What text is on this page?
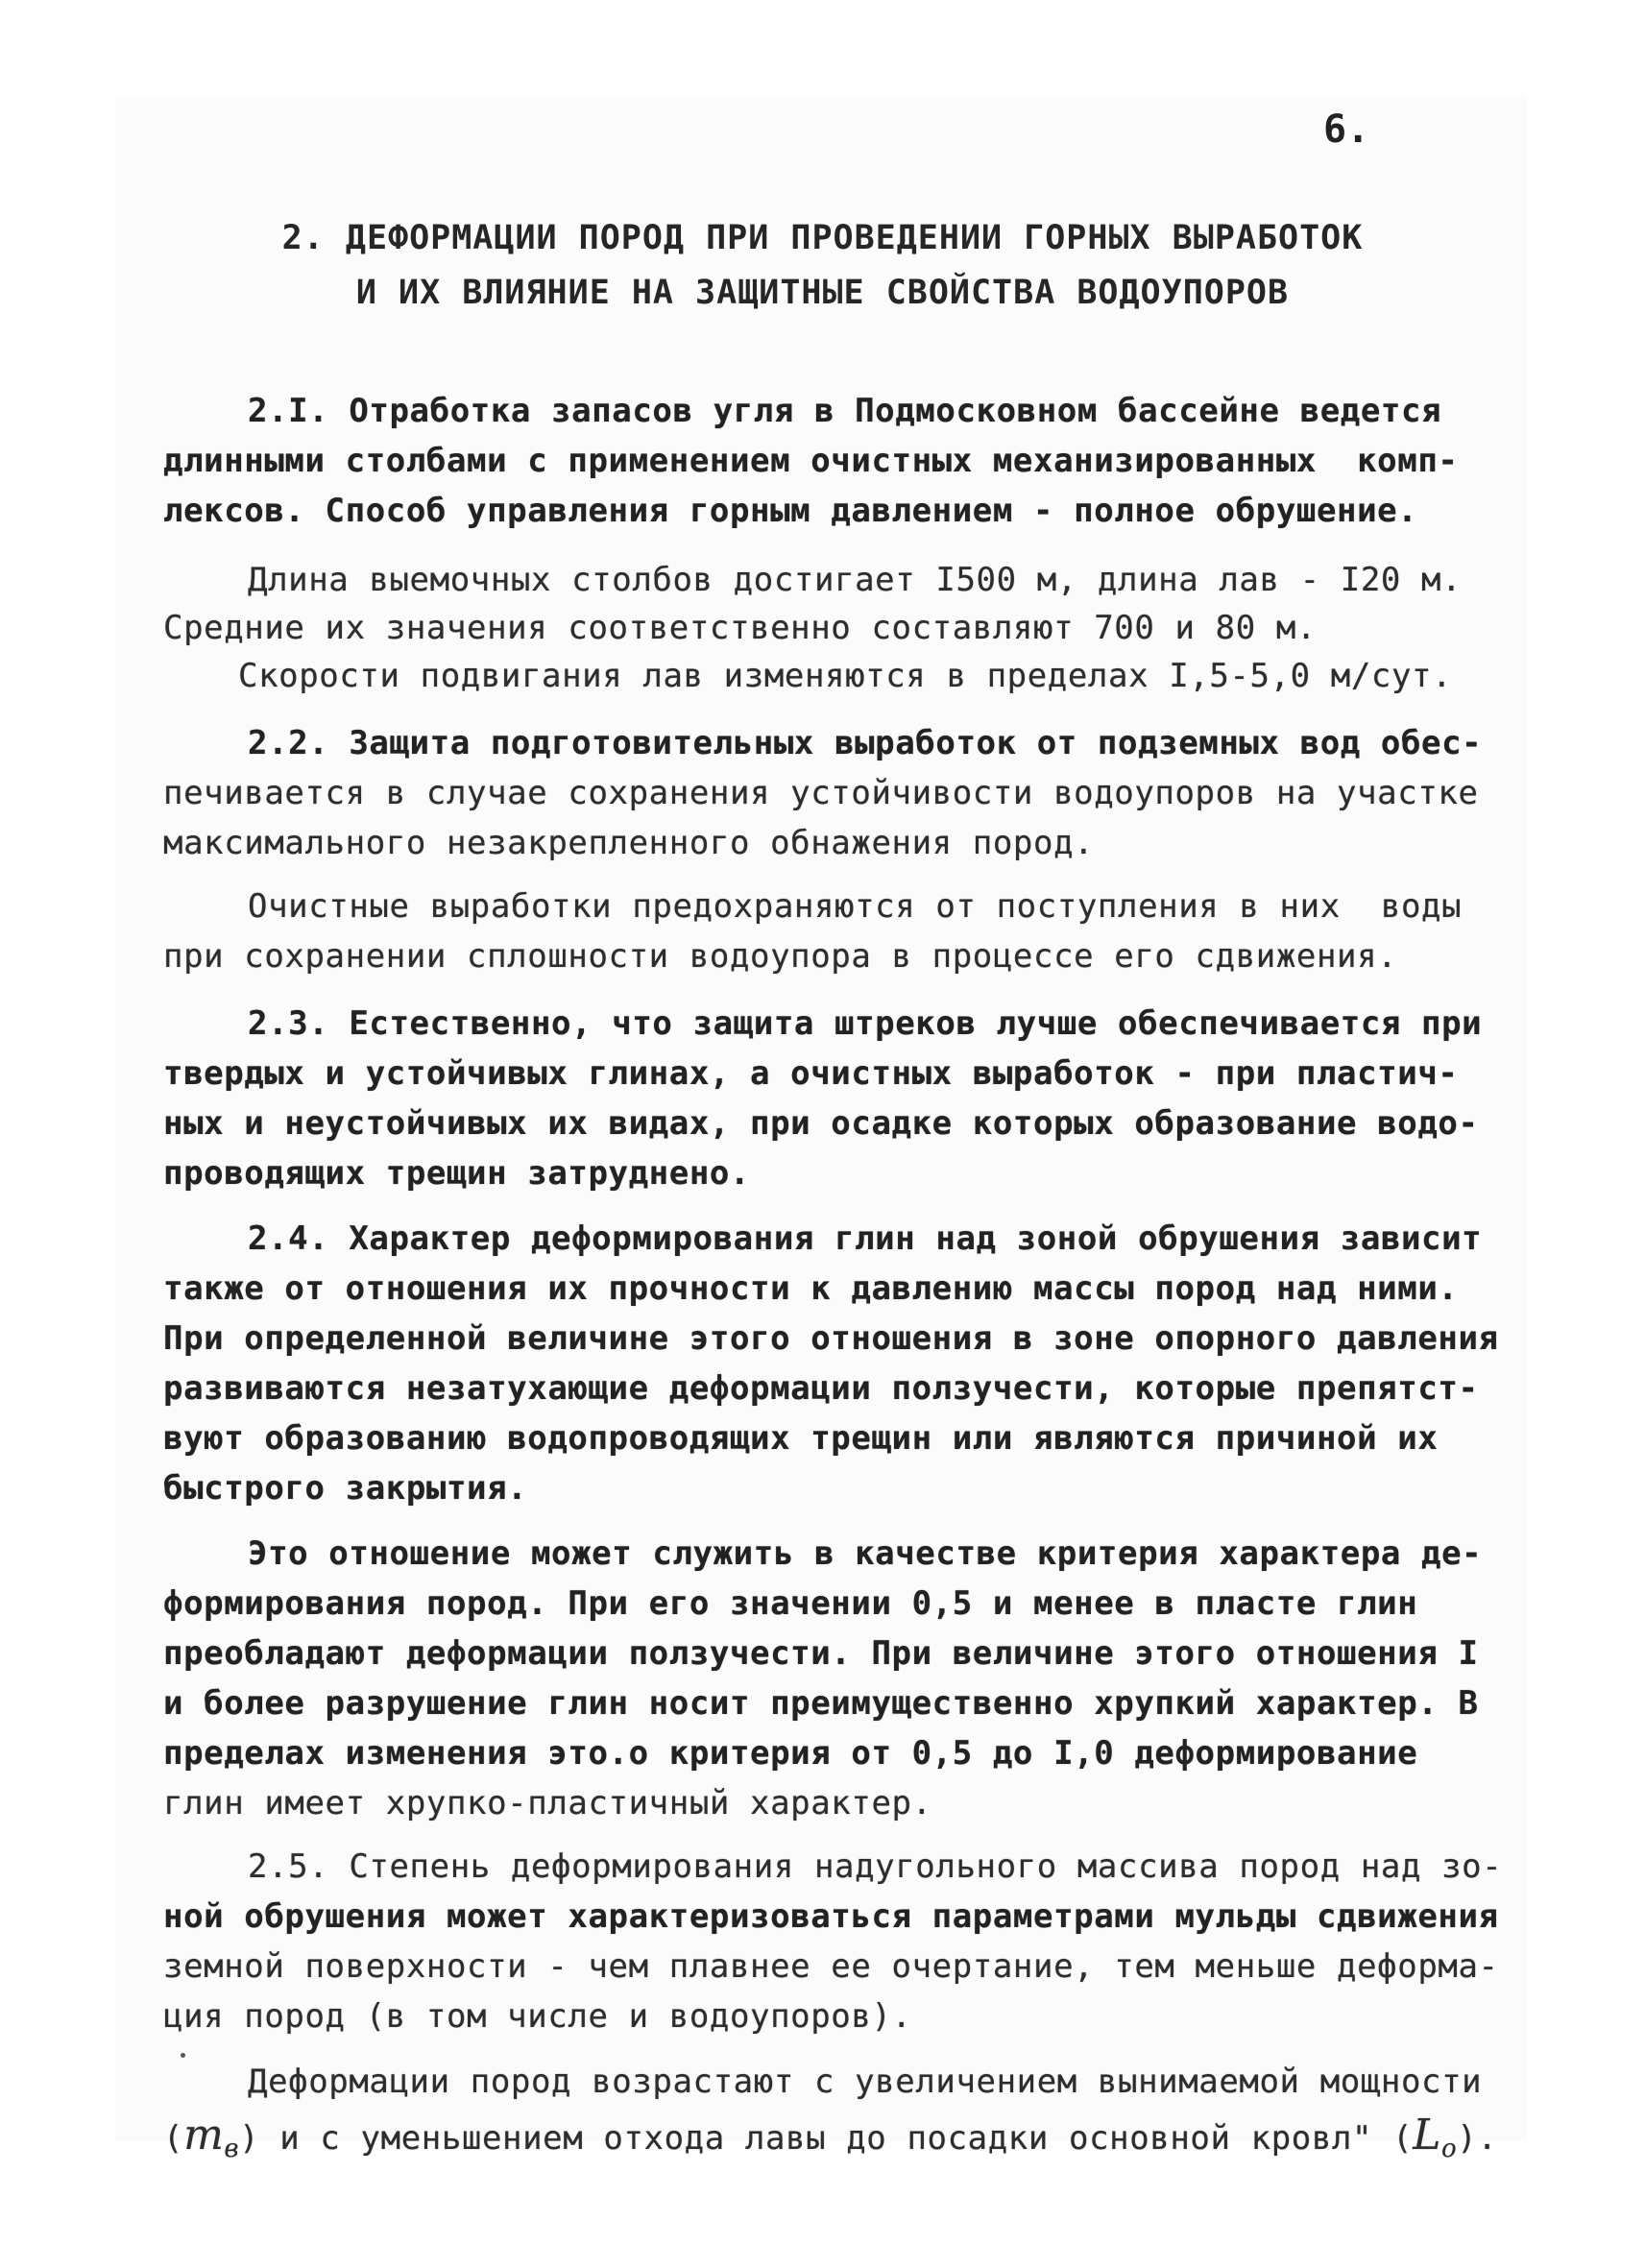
6.
2. ДЕФОРМАЦИИ ПОРОД ПРИ ПРОВЕДЕНИИ ГОРНЫХ ВЫРАБОТОК
И ИХ ВЛИЯНИЕ НА ЗАЩИТНЫЕ СВОЙСТВА ВОДОУПОРОВ
2.I. Отработка запасов угля в Подмосковном бассейне ведется
длинными столбами с применением очистных механизированных  комп-
лексов. Способ управления горным давлением - полное обрушение.
Длина выемочных столбов достигает I500 м, длина лав - I20 м.
Средние их значения соответственно составляют 700 и 80 м.
Скорости подвигания лав изменяются в пределах I,5-5,0 м/сут.
2.2. Защита подготовительных выработок от подземных вод обес-
печивается в случае сохранения устойчивости водоупоров на участке
максимального незакрепленного обнажения пород.
Очистные выработки предохраняются от поступления в них  воды
при сохранении сплошности водоупора в процессе его сдвижения.
2.3. Естественно, что защита штреков лучше обеспечивается при
твердых и устойчивых глинах, а очистных выработок - при пластич-
ных и неустойчивых их видах, при осадке которых образование водо-
проводящих трещин затруднено.
2.4. Характер деформирования глин над зоной обрушения зависит
также от отношения их прочности к давлению массы пород над ними.
При определенной величине этого отношения в зоне опорного давления
развиваются незатухающие деформации ползучести, которые препятст-
вуют образованию водопроводящих трещин или являются причиной их
быстрого закрытия.
Это отношение может служить в качестве критерия характера де-
формирования пород. При его значении 0,5 и менее в пласте глин
преобладают деформации ползучести. При величине этого отношения I
и более разрушение глин носит преимущественно хрупкий характер. В
пределах изменения это.о критерия от 0,5 до I,0 деформирование
глин имеет хрупко-пластичный характер.
2.5. Степень деформирования надугольного массива пород над зо-
ной обрушения может характеризоваться параметрами мульды сдвижения
земной поверхности - чем плавнее ее очертание, тем меньше деформа-
ция пород (в том числе и водоупоров).
Деформации пород возрастают с увеличением вынимаемой мощности
$(m_в)$ и с уменьшением отхода лавы до посадки основной кровл" $(L_о)$.
